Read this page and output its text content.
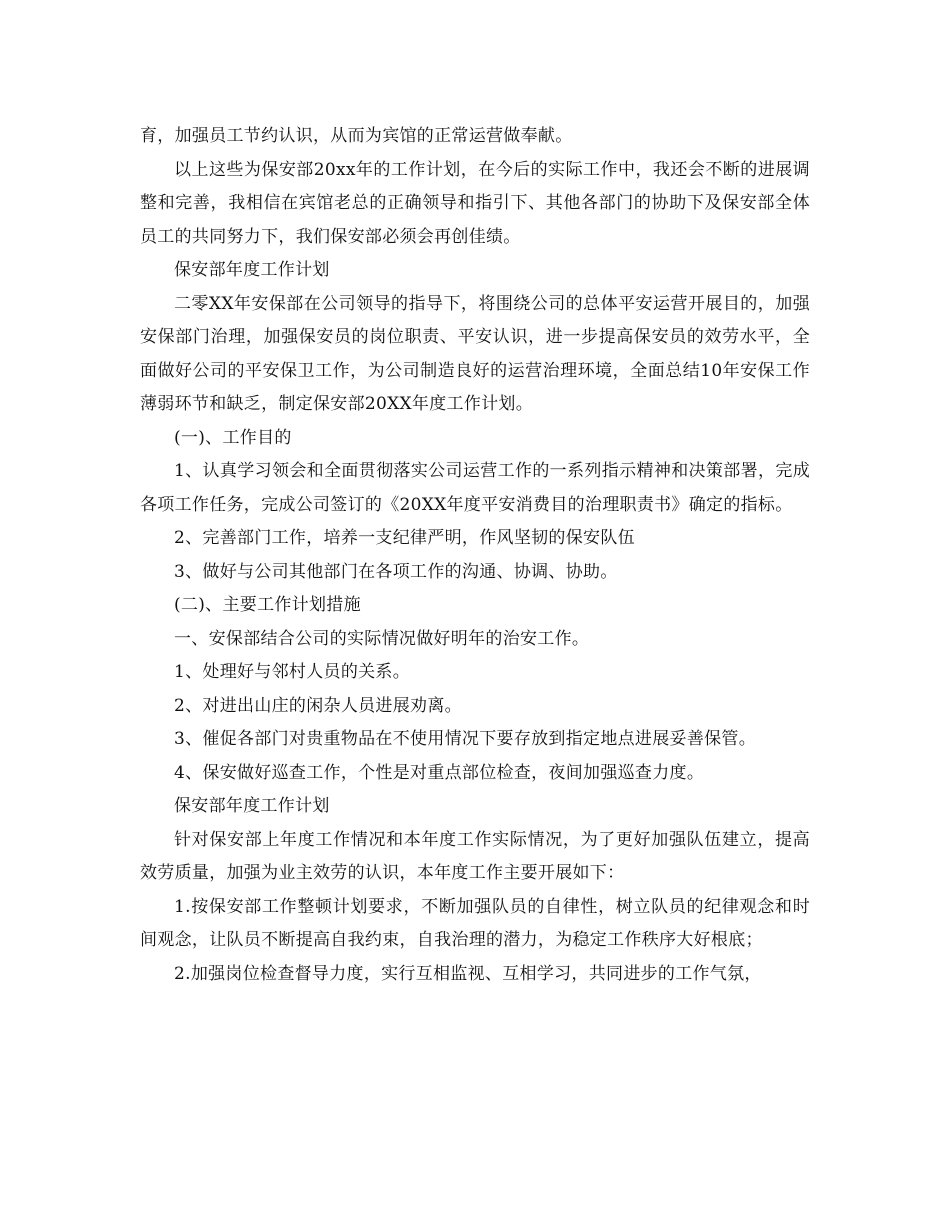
育，加强员工节约认识，从而为宾馆的正常运营做奉献。

以上这些为保安部20xx年的工作计划，在今后的实际工作中，我还会不断的进展调整和完善，我相信在宾馆老总的正确领导和指引下、其他各部门的协助下及保安部全体员工的共同努力下，我们保安部必须会再创佳绩。

保安部年度工作计划

二零XX年安保部在公司领导的指导下，将围绕公司的总体平安运营开展目的，加强安保部门治理，加强保安员的岗位职责、平安认识，进一步提高保安员的效劳水平，全面做好公司的平安保卫工作，为公司制造良好的运营治理环境，全面总结10年安保工作薄弱环节和缺乏，制定保安部20XX年度工作计划。

(一)、工作目的

1、认真学习领会和全面贯彻落实公司运营工作的一系列指示精神和决策部署，完成各项工作任务，完成公司签订的《20XX年度平安消费目的治理职责书》确定的指标。

2、完善部门工作，培养一支纪律严明，作风坚韧的保安队伍

3、做好与公司其他部门在各项工作的沟通、协调、协助。

(二)、主要工作计划措施

一、安保部结合公司的实际情况做好明年的治安工作。

1、处理好与邻村人员的关系。

2、对进出山庄的闲杂人员进展劝离。

3、催促各部门对贵重物品在不使用情况下要存放到指定地点进展妥善保管。

4、保安做好巡查工作，个性是对重点部位检查，夜间加强巡查力度。

保安部年度工作计划

针对保安部上年度工作情况和本年度工作实际情况，为了更好加强队伍建立，提高效劳质量，加强为业主效劳的认识，本年度工作主要开展如下：

1.按保安部工作整顿计划要求，不断加强队员的自律性，树立队员的纪律观念和时间观念，让队员不断提高自我约束，自我治理的潜力，为稳定工作秩序大好根底；

2.加强岗位检查督导力度，实行互相监视、互相学习，共同进步的工作气氛，
